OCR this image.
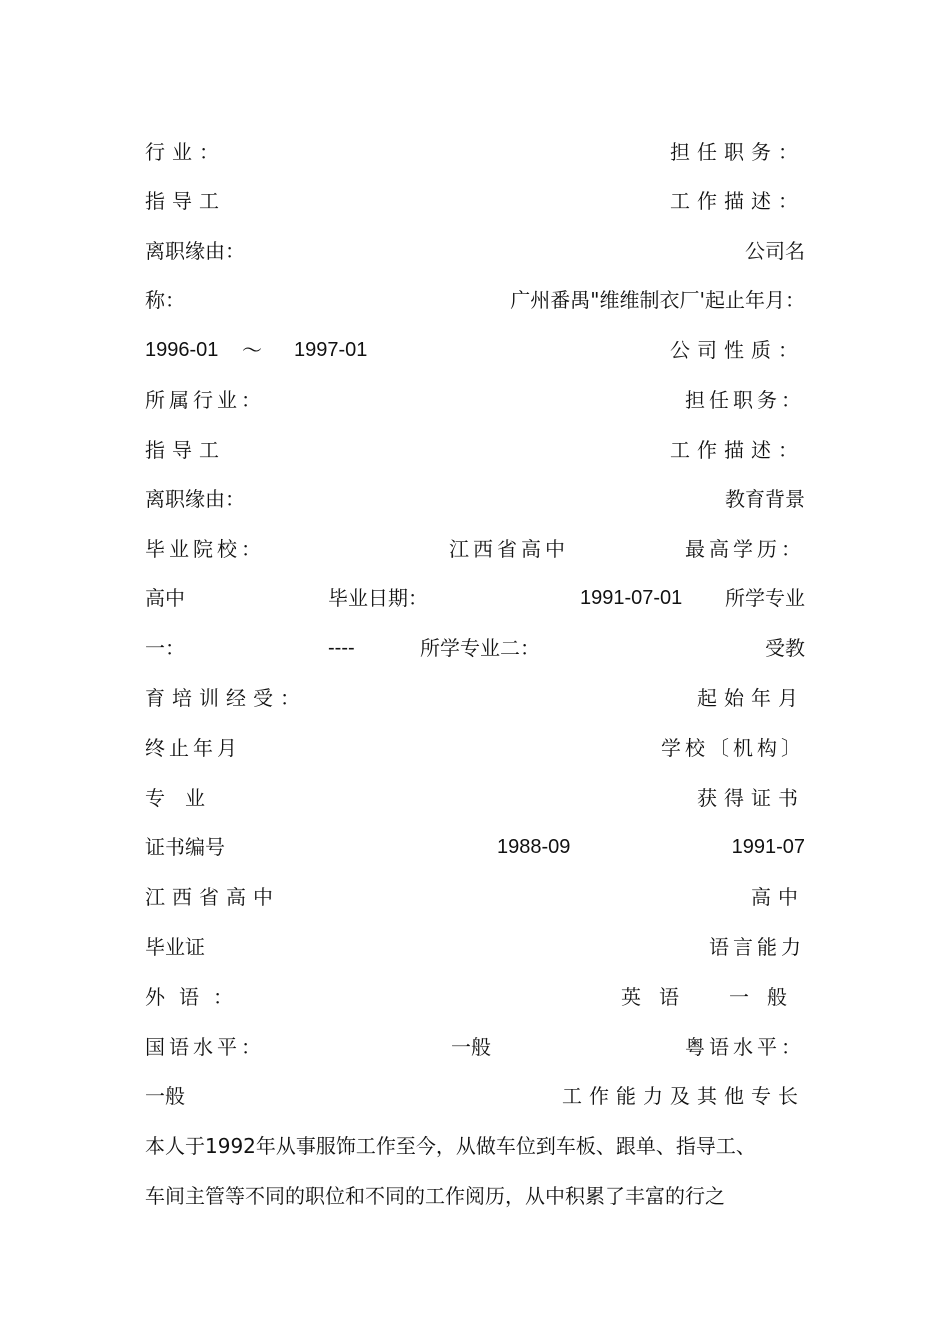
行业：	担任职务：
指导工	工作描述：
离职缘由：	公司名
称：	广州番禺"维维制衣厂'起止年月：
1996-01 ～ 1997-01	公司性质：
所属行业：	担任职务：
指导工	工作描述：
离职缘由：	教育背景
毕业院校：	江西省高中	最高学历：
高中	毕业日期：	1991-07-01 所学专业
一：	----	所学专业二：	受教
育培训经受：	起始年月
终止年月	学校〔机构〕
专　业	获得证书
证书编号	1988-09	1991-07
江西省高中	高中
毕业证	语言能力
外语：	英语 一般
国语水平：	一般	粤语水平：
一般	工作能力及其他专长
本人于1992年从事服饰工作至今，从做车位到车板、跟单、指导工、
车间主管等不同的职位和不同的工作阅历，从中积累了丰富的行之
